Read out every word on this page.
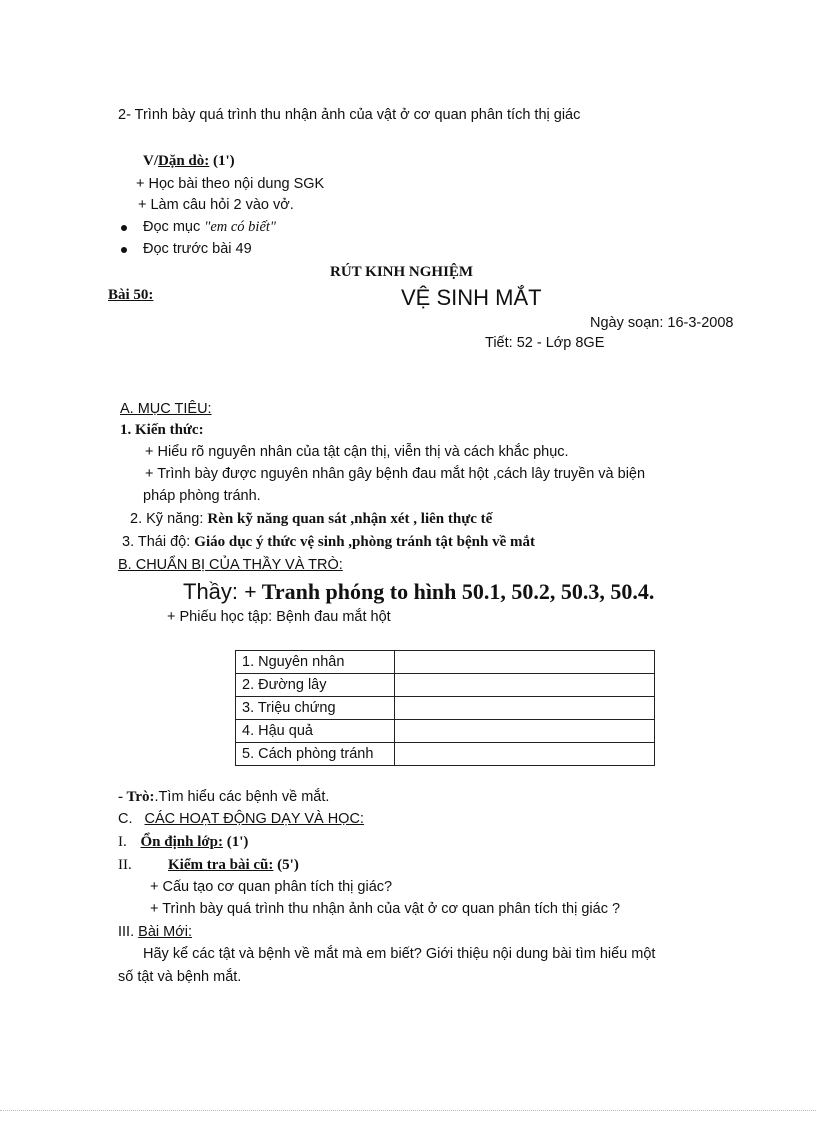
2- Trình bày quá trình thu nhận ảnh của vật ở cơ quan phân tích thị giác
V/Dặn dò: (1')
+ Học bài theo nội dung SGK
+ Làm câu hỏi 2 vào vở.
Đọc mục "em có biết"
Đọc trước bài 49
RÚT KINH NGHIỆM
Bài 50:	VỆ SINH MẮT
Ngày soạn: 16-3-2008
Tiết: 52 - Lớp 8GE
A. MỤC TIÊU:
1. Kiến thức:
+ Hiểu rõ nguyên nhân của tật cận thị, viễn thị và cách khắc phục.
+ Trình bày được nguyên nhân gây bệnh đau mắt hột ,cách lây truyền và biện
pháp phòng tránh.
2. Kỹ năng: Rèn kỹ năng quan sát ,nhận xét , liên thực tế
3. Thái độ: Giáo dục ý thức vệ sinh ,phòng tránh tật bệnh về mắt
B. CHUẨN BỊ CỦA THẦY VÀ TRÒ:
Thầy: + Tranh phóng to hình 50.1, 50.2, 50.3, 50.4.
+ Phiếu học tập: Bệnh đau mắt hột
1. Nguyên nhân	
2. Đường lây	
3. Triệu chứng	
4. Hậu quả	
5. Cách phòng tránh	
- Trò:.Tìm hiểu các bệnh về mắt.
C. CÁC HOẠT ĐỘNG DẠY VÀ HỌC:
I. Ổn định lớp: (1')
II. Kiểm tra bài cũ: (5')
+ Cấu tạo cơ quan phân tích thị giác?
+ Trình bày quá trình thu nhận ảnh của vật ở cơ quan phân tích thị giác ?
III. Bài Mới:
Hãy kể các tật và bệnh về mắt mà em biết? Giới thiệu nội dung bài tìm hiểu một
số tật và bệnh mắt.
